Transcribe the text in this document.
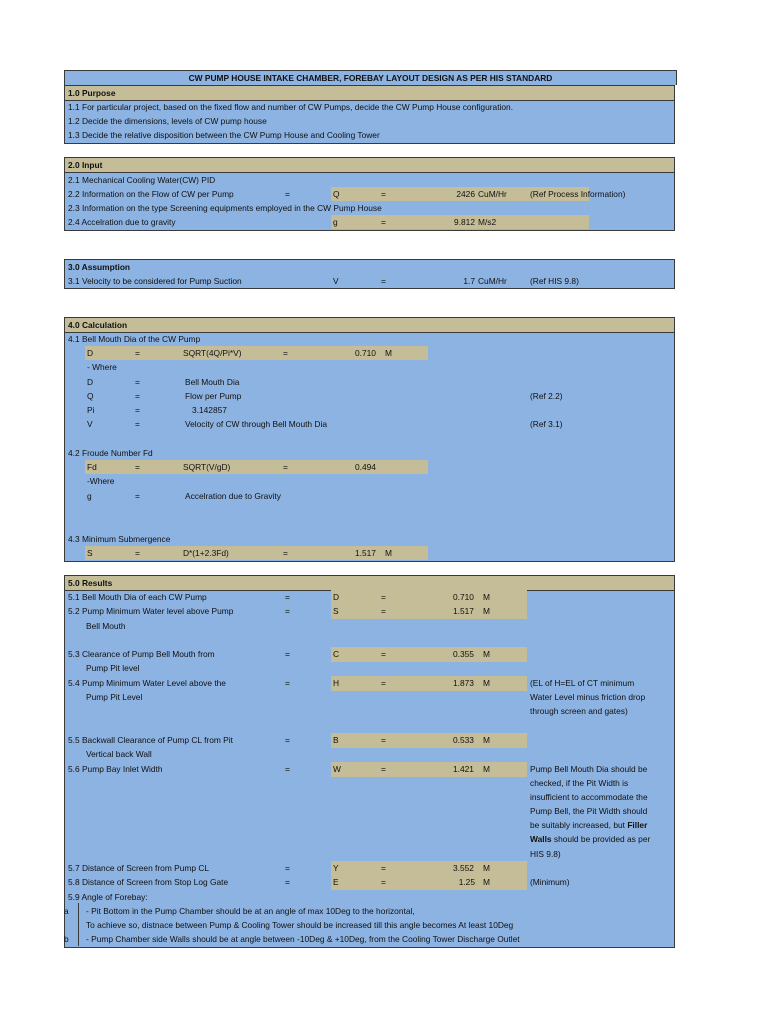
CW PUMP HOUSE INTAKE CHAMBER, FOREBAY LAYOUT DESIGN AS PER HIS STANDARD
1.0 Purpose
1.1 For particular project, based on the fixed flow and number of CW Pumps, decide the CW Pump House configuration.
1.2 Decide the dimensions, levels of CW pump house
1.3 Decide the relative disposition between the CW Pump House and Cooling Tower
2.0 Input
2.1 Mechanical Cooling Water(CW) PID
2.2 Information on the Flow of CW per Pump	=	Q	=	2426 CuM/Hr	(Ref Process Information)
2.3 Information on the type Screening equipments employed in the CW Pump House
2.4 Accelration due to gravity	g	=	9.812 M/s2
3.0 Assumption
3.1 Velocity to be considered for Pump Suction	V	=	1.7 CuM/Hr	(Ref HIS 9.8)
4.0 Calculation
4.1 Bell Mouth Dia of the CW Pump
D	=	SQRT(4Q/Pi*V)	=	0.710 M
- Where
D	=	Bell Mouth Dia
Q	=	Flow per Pump	(Ref 2.2)
Pi	=	3.142857
V	=	Velocity of CW through Bell Mouth Dia	(Ref 3.1)
4.2 Froude Number Fd
Fd	=	SQRT(V/gD)	=	0.494
-Where
g	=	Accelration due to Gravity
4.3 Minimum Submergence
S	=	D*(1+2.3Fd)	=	1.517 M
5.0 Results
5.1 Bell Mouth Dia of each CW Pump	=	D	=	0.710 M
5.2 Pump Minimum Water level above Pump
Bell Mouth
=	S	=	1.517 M
5.3 Clearance of Pump Bell Mouth from
Pump Pit level
=	C	=	0.355 M
5.4 Pump Minimum Water Level above the
Pump Pit Level
=	H	=	1.873 M	(EL of H=EL of CT minimum
Water Level minus friction drop
through screen and gates)
5.5 Backwall Clearance of Pump CL from Pit
Vertical back Wall
=	B	=	0.533 M
5.6 Pump Bay Inlet Width	=	W	=	1.421 M	Pump Bell Mouth Dia should be
checked, if the Pit Width is
insufficient to accommodate the
Pump Bell, the Pit Width should
be suitably increased, but Filler
Walls should be provided as per
HIS 9.8)
5.7 Distance of Screen from Pump CL	=	Y	=	3.552 M
5.8 Distance of Screen from Stop Log Gate	=	E	=	1.25 M	(Minimum)
5.9 Angle of Forebay:
a - Pit Bottom in the Pump Chamber should be at an angle of max 10Deg to the horizontal,
To achieve so, distnace between Pump & Cooling Tower should be increased till this angle becomes At least 10Deg
b - Pump Chamber side Walls should be at angle between -10Deg & +10Deg, from the Cooling Tower Discharge Outlet
